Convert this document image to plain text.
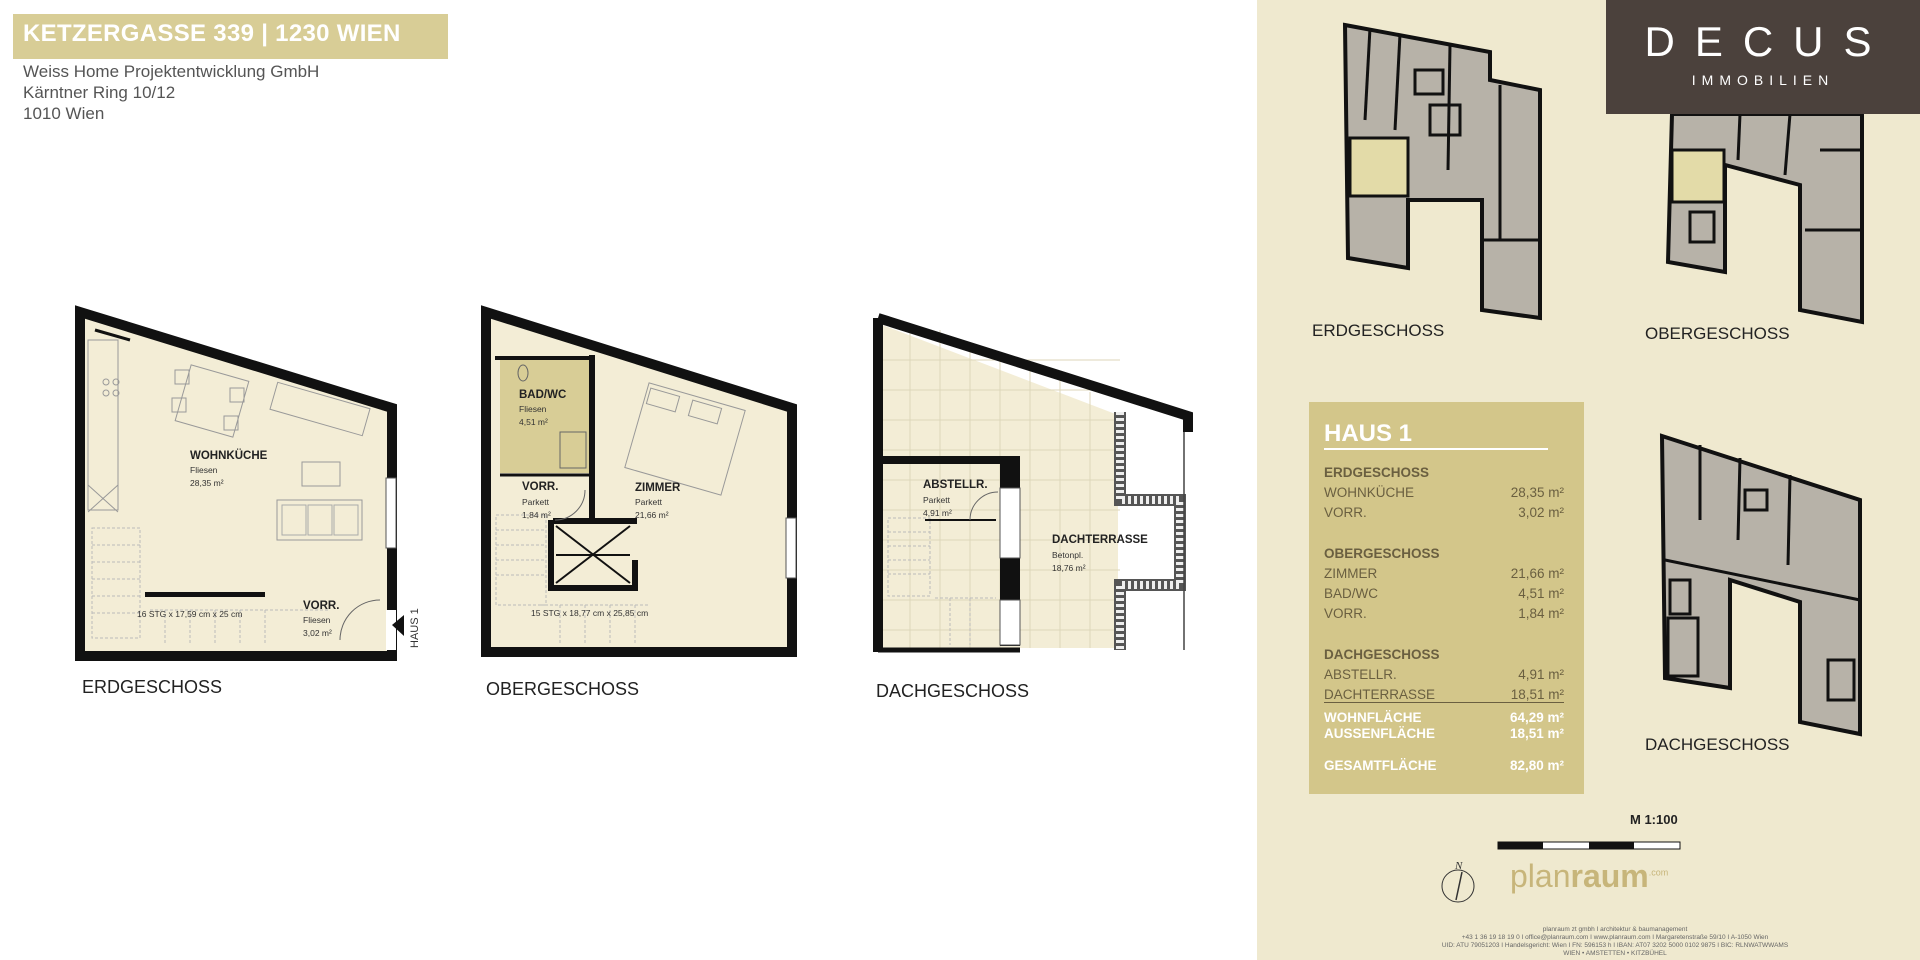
KETZERGASSE 339 | 1230 WIEN
Weiss Home Projektentwicklung GmbH
Kärntner Ring 10/12
1010 Wien
WOHNKÜCHE
Fliesen
28,35 m²
VORR.
Fliesen
3,02 m²
16 STG x 17,59 cm x 25 cm	HAUS 1
ERDGESCHOSS
BAD/WC
Fliesen
4,51 m²
ZIMMER
Parkett
21,66 m²
VORR.
Parkett
1,84 m²
15 STG x 18,77 cm x 25,85 cm
OBERGESCHOSS
ABSTELLR.
Parkett
4,91 m²
DACHTERRASSE
Betonpl.
18,76 m²
DACHGESCHOSS
ERDGESCHOSS	OBERGESCHOSS
DACHGESCHOSS
DECUS
IMMOBILIEN
HAUS 1
ERDGESCHOSS
WOHNKÜCHE	28,35 m²
VORR.	3,02 m²
OBERGESCHOSS
ZIMMER	21,66 m²
BAD/WC	4,51 m²
VORR.	1,84 m²
DACHGESCHOSS
ABSTELLR.	4,91 m²
DACHTERRASSE	18,51 m²
WOHNFLÄCHE	64,29 m²
AUSSENFLÄCHE	18,51 m²
GESAMTFLÄCHE	82,80 m²
M 1:100
N planraum$^{.com}$
planraum zt gmbh I architektur & baumanagement
+43 1 36 19 18 19 0 I office@planraum.com I www.planraum.com I Margaretenstraße 59/10 I A-1050 Wien
UID: ATU 79051203 I Handelsgericht: Wien I FN: 596153 h I IBAN: AT07 3202 5000 0102 9875 I BIC: RLNWATWWAMS
WIEN • AMSTETTEN • KITZBÜHEL
